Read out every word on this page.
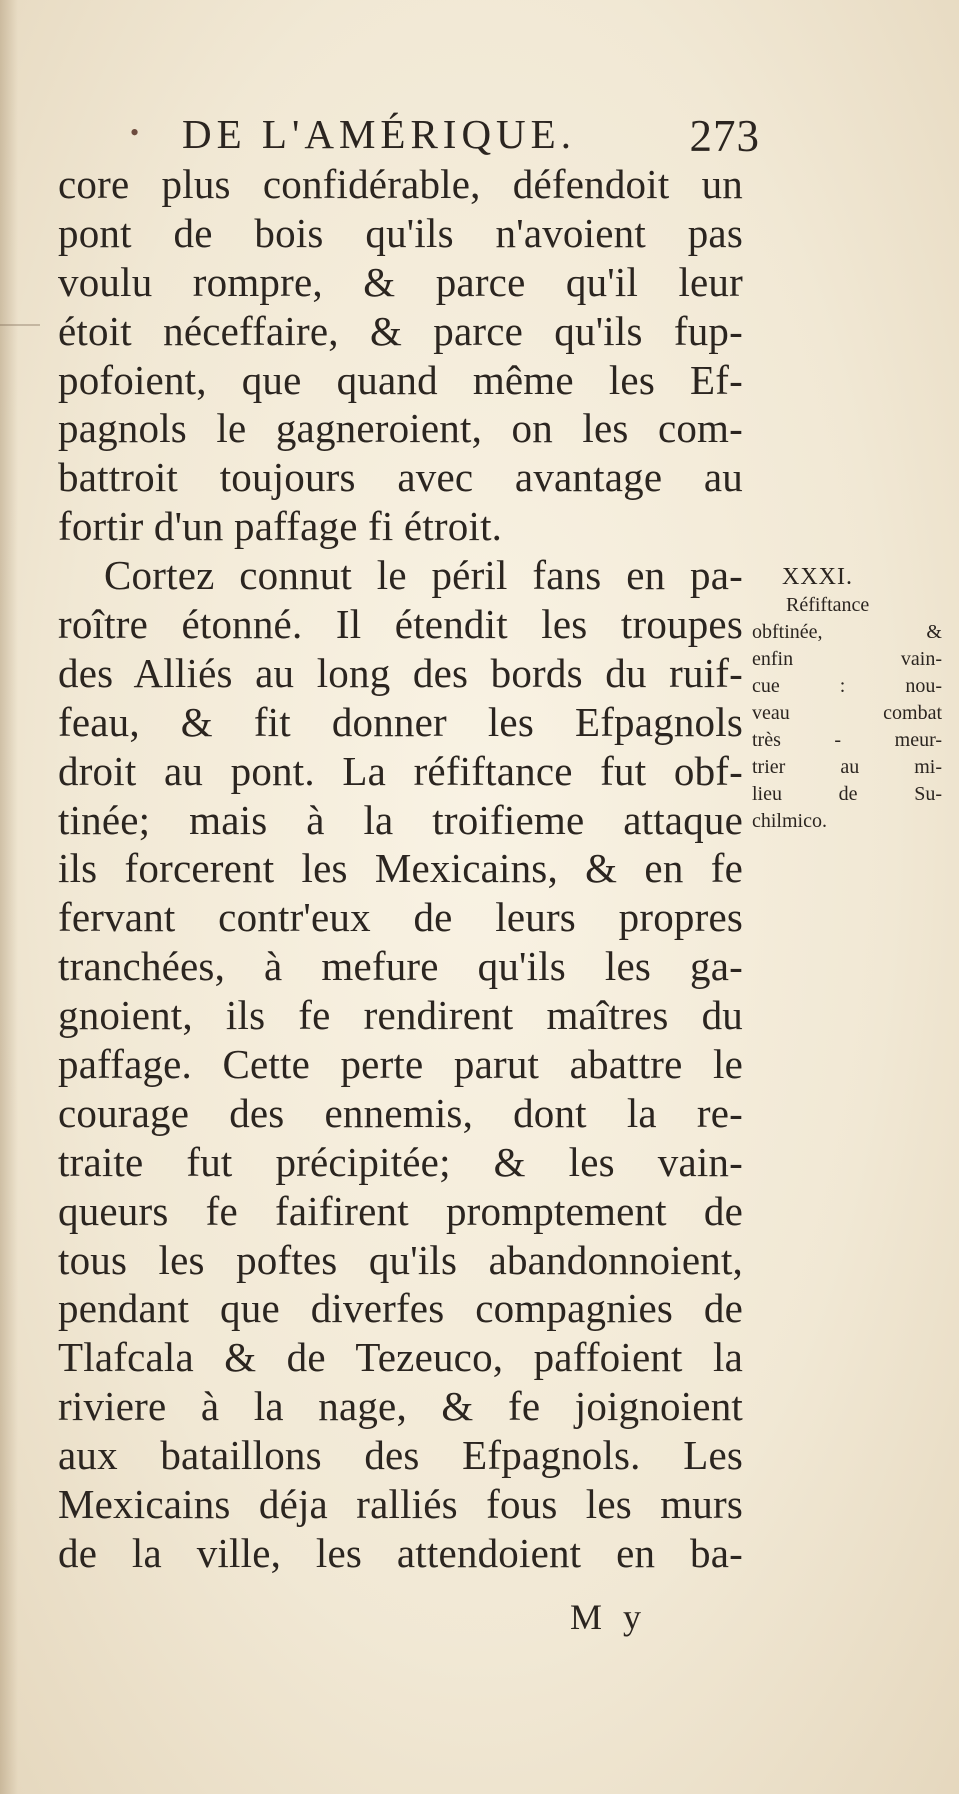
• DE L'AMÉRIQUE.	273
core plus confidérable, défendoit un
pont de bois qu'ils n'avoient pas
voulu rompre, & parce qu'il leur
étoit néceffaire, & parce qu'ils fup-
pofoient, que quand même les Ef-
pagnols le gagneroient, on les com-
battroit toujours avec avantage au
fortir d'un paffage fi étroit.
Cortez connut le péril fans en pa-
roître étonné. Il étendit les troupes
des Alliés au long des bords du ruif-
feau, & fit donner les Efpagnols
droit au pont. La réfiftance fut obf-
tinée; mais à la troifieme attaque
ils forcerent les Mexicains, & en fe
fervant contr'eux de leurs propres
tranchées, à mefure qu'ils les ga-
gnoient, ils fe rendirent maîtres du
paffage. Cette perte parut abattre le
courage des ennemis, dont la re-
traite fut précipitée; & les vain-
queurs fe faifirent promptement de
tous les poftes qu'ils abandonnoient,
pendant que diverfes compagnies de
Tlafcala & de Tezeuco, paffoient la
riviere à la nage, & fe joignoient
aux bataillons des Efpagnols. Les
Mexicains déja ralliés fous les murs
de la ville, les attendoient en ba-
XXXI.
Réfiftance
obftinée, &
enfin vain-
cue : nou-
veau combat
très - meur-
trier au mi-
lieu de Su-
chilmico.
M y
